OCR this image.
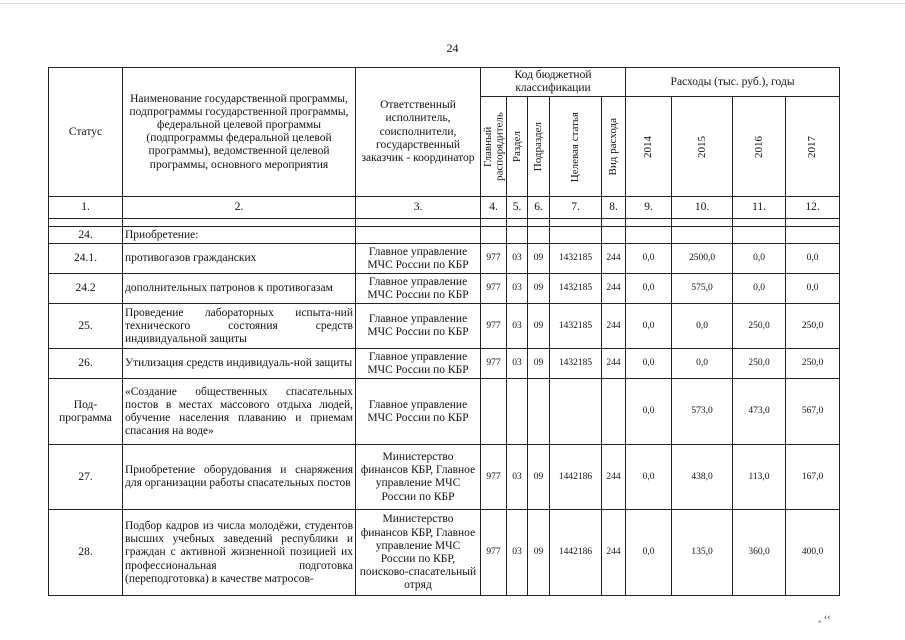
24
Статус	Наименование государственной программы, подпрограммы государственной программы, федеральной целевой программы (подпрограммы федеральной целевой программы), ведомственной целевой программы, основного мероприятия	Ответственный исполнитель, соисполнители, государственный заказчик - координатор	Код бюджетной классификации					Расходы (тыс. руб.), годы			

			Главный распорядитель	Раздел	Подраздел	Целевая статья	Вид расхода	2014	2015	2016	2017

1.	2.	3.	4.	5.	6.	7.	8.	9.	10.	11.	12.

24.	Приобретение:										
24.1.	противогазов гражданских	Главное управление МЧС России по КБР	977	03	09	1432185	244	0,0	2500,0	0,0	0,0
24.2	дополнительных патронов к противогазам	Главное управление МЧС России по КБР	977	03	09	1432185	244	0,0	575,0	0,0	0,0
25.	Проведение лабораторных испыта-ний технического состояния средств индивидуальной защиты	Главное управление МЧС России по КБР	977	03	09	1432185	244	0,0	0,0	250,0	250,0
26.	Утилизация средств индивидуаль-ной защиты	Главное управление МЧС России по КБР	977	03	09	1432185	244	0,0	0,0	250,0	250,0
Под-программа	«Создание общественных спасательных постов в местах массового отдыха людей, обучение населения плаванию и приемам спасания на воде»	Главное управление МЧС России по КБР						0,0	573,0	473,0	567,0
27.	Приобретение оборудования и снаряжения для организации работы спасательных постов	Министерство финансов КБР, Главное управление МЧС России по КБР	977	03	09	1442186	244	0,0	438,0	113,0	167,0
28.	Подбор кадров из числа молодёжи, студентов высших учебных заведений республики и граждан с активной жизненной позицией их профессиональная подготовка (переподготовка) в качестве матросов-	Министерство финансов КБР, Главное управление МЧС России по КБР, поисково-спасательный отряд	977	03	09	1442186	244	0,0	135,0	360,0	400,0
‸ ‹‹
